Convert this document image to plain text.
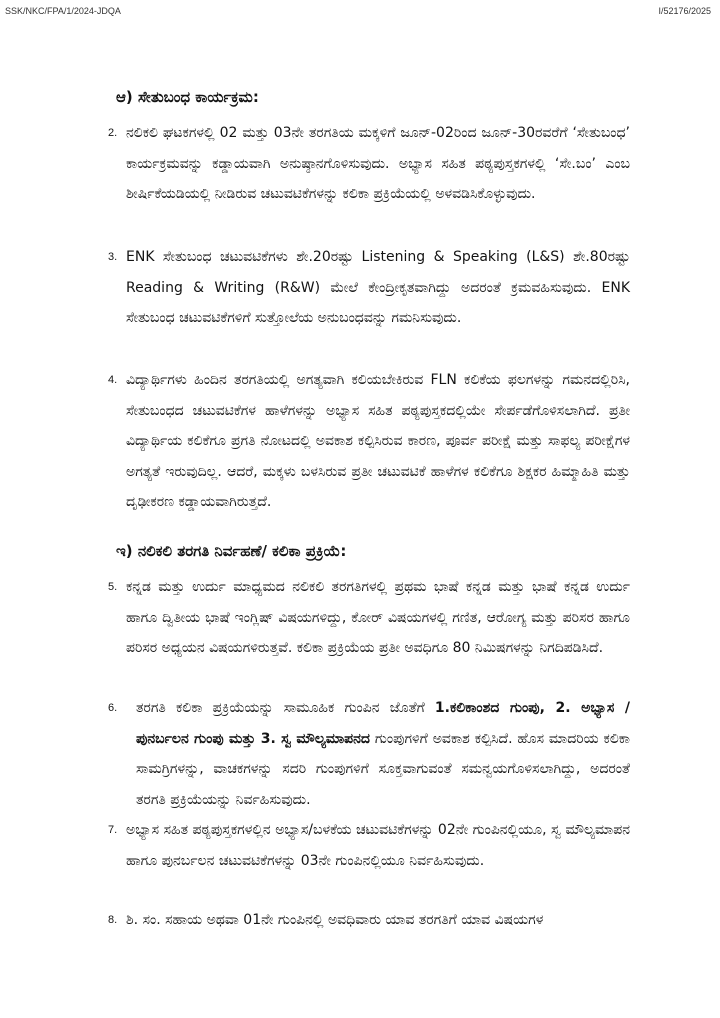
SSK/NKC/FPA/1/2024-JDQA	I/52176/2025
ಆ) ಸೇತುಬಂಧ ಕಾರ್ಯಕ್ರಮ:
2. ನಲಿಕಲಿ ಘಟಕಗಳಲ್ಲಿ 02 ಮತ್ತು 03ನೇ ತರಗತಿಯ ಮಕ್ಕಳಿಗೆ ಜೂನ್-02ರಿಂದ ಜೂನ್-30ರವರೆಗೆ ‘ಸೇತುಬಂಧ’ ಕಾರ್ಯಕ್ರಮವನ್ನು ಕಡ್ಡಾಯವಾಗಿ ಅನುಷ್ಠಾನಗೊಳಿಸುವುದು. ಅಭ್ಯಾಸ ಸಹಿತ ಪಠ್ಯಪುಸ್ತಕಗಳಲ್ಲಿ ‘ಸೇ.ಬಂ’ ಎಂಬ ಶೀರ್ಷಿಕೆಯಡಿಯಲ್ಲಿ ನೀಡಿರುವ ಚಟುವಟಿಕೆಗಳನ್ನು ಕಲಿಕಾ ಪ್ರಕ್ರಿಯೆಯಲ್ಲಿ ಅಳವಡಿಸಿಕೊಳ್ಳುವುದು.
3. ENK ಸೇತುಬಂಧ ಚಟುವಟಿಕೆಗಳು ಶೇ.20ರಷ್ಟು Listening & Speaking (L&S) ಶೇ.80ರಷ್ಟು Reading & Writing (R&W) ಮೇಲೆ ಕೇಂದ್ರೀಕೃತವಾಗಿದ್ದು ಅದರಂತೆ ಕ್ರಮವಹಿಸುವುದು. ENK ಸೇತುಬಂಧ ಚಟುವಟಿಕೆಗಳಿಗೆ ಸುತ್ತೋಲೆಯ ಅನುಬಂಧವನ್ನು ಗಮನಿಸುವುದು.
4. ವಿದ್ಯಾರ್ಥಿಗಳು ಹಿಂದಿನ ತರಗತಿಯಲ್ಲಿ ಅಗತ್ಯವಾಗಿ ಕಲಿಯಬೇಕಿರುವ FLN ಕಲಿಕೆಯ ಫಲಗಳನ್ನು ಗಮನದಲ್ಲಿರಿಸಿ, ಸೇತುಬಂಧದ ಚಟುವಟಿಕೆಗಳ ಹಾಳೆಗಳನ್ನು ಅಭ್ಯಾಸ ಸಹಿತ ಪಠ್ಯಪುಸ್ತಕದಲ್ಲಿಯೇ ಸೇರ್ಪಡೆಗೊಳಿಸಲಾಗಿದೆ. ಪ್ರತೀ ವಿದ್ಯಾರ್ಥಿಯ ಕಲಿಕೆಗೂ ಪ್ರಗತಿ ನೋಟದಲ್ಲಿ ಅವಕಾಶ ಕಲ್ಪಿಸಿರುವ ಕಾರಣ, ಪೂರ್ವ ಪರೀಕ್ಷೆ ಮತ್ತು ಸಾಫಲ್ಯ ಪರೀಕ್ಷೆಗಳ ಅಗತ್ಯತೆ ಇರುವುದಿಲ್ಲ. ಆದರೆ, ಮಕ್ಕಳು ಬಳಸಿರುವ ಪ್ರತೀ ಚಟುವಟಿಕೆ ಹಾಳೆಗಳ ಕಲಿಕೆಗೂ ಶಿಕ್ಷಕರ ಹಿಮ್ಮಾಹಿತಿ ಮತ್ತು ದೃಢೀಕರಣ ಕಡ್ಡಾಯವಾಗಿರುತ್ತದೆ.
ಇ) ನಲಿಕಲಿ ತರಗತಿ ನಿರ್ವಹಣೆ/ ಕಲಿಕಾ ಪ್ರಕ್ರಿಯೆ:
5. ಕನ್ನಡ ಮತ್ತು ಉರ್ದು ಮಾಧ್ಯಮದ ನಲಿಕಲಿ ತರಗತಿಗಳಲ್ಲಿ ಪ್ರಥಮ ಭಾಷೆ ಕನ್ನಡ ಮತ್ತು ಭಾಷೆ ಕನ್ನಡ ಉರ್ದು ಹಾಗೂ ದ್ವಿತೀಯ ಭಾಷೆ ಇಂಗ್ಲಿಷ್ ವಿಷಯಗಳಿದ್ದು, ಕೋರ್ ವಿಷಯಗಳಲ್ಲಿ ಗಣಿತ, ಆರೋಗ್ಯ ಮತ್ತು ಪರಿಸರ ಹಾಗೂ ಪರಿಸರ ಅಧ್ಯಯನ ವಿಷಯಗಳಿರುತ್ತವೆ. ಕಲಿಕಾ ಪ್ರಕ್ರಿಯೆಯ ಪ್ರತೀ ಅವಧಿಗೂ 80 ನಿಮಿಷಗಳನ್ನು ನಿಗದಿಪಡಿಸಿದೆ.
6.	ತರಗತಿ ಕಲಿಕಾ ಪ್ರಕ್ರಿಯೆಯನ್ನು ಸಾಮೂಹಿಕ ಗುಂಪಿನ ಜೊತೆಗೆ 1.ಕಲಿಕಾಂಶದ ಗುಂಪು, 2. ಅಭ್ಯಾಸ / ಪುನರ್ಬಲನ ಗುಂಪು ಮತ್ತು 3. ಸ್ವ ಮೌಲ್ಯಮಾಪನದ ಗುಂಪುಗಳಿಗೆ ಅವಕಾಶ ಕಲ್ಪಿಸಿದೆ. ಹೊಸ ಮಾದರಿಯ ಕಲಿಕಾ ಸಾಮಗ್ರಿಗಳನ್ನು, ವಾಚಕಗಳನ್ನು ಸದರಿ ಗುಂಪುಗಳಿಗೆ ಸೂಕ್ತವಾಗುವಂತೆ ಸಮನ್ವಯಗೊಳಿಸಲಾಗಿದ್ದು, ಅದರಂತೆ ತರಗತಿ ಪ್ರಕ್ರಿಯೆಯನ್ನು ನಿರ್ವಹಿಸುವುದು.
7. ಅಭ್ಯಾಸ ಸಹಿತ ಪಠ್ಯಪುಸ್ತಕಗಳಲ್ಲಿನ ಅಭ್ಯಾಸ/ಬಳಕೆಯ ಚಟುವಟಿಕೆಗಳನ್ನು 02ನೇ ಗುಂಪಿನಲ್ಲಿಯೂ, ಸ್ವ ಮೌಲ್ಯಮಾಪನ ಹಾಗೂ ಪುನರ್ಬಲನ ಚಟುವಟಿಕೆಗಳನ್ನು 03ನೇ ಗುಂಪಿನಲ್ಲಿಯೂ ನಿರ್ವಹಿಸುವುದು.
8. ಶಿ. ಸಂ. ಸಹಾಯ ಅಥವಾ 01ನೇ ಗುಂಪಿನಲ್ಲಿ ಅವಧಿವಾರು ಯಾವ ತರಗತಿಗೆ ಯಾವ ವಿಷಯಗಳ
